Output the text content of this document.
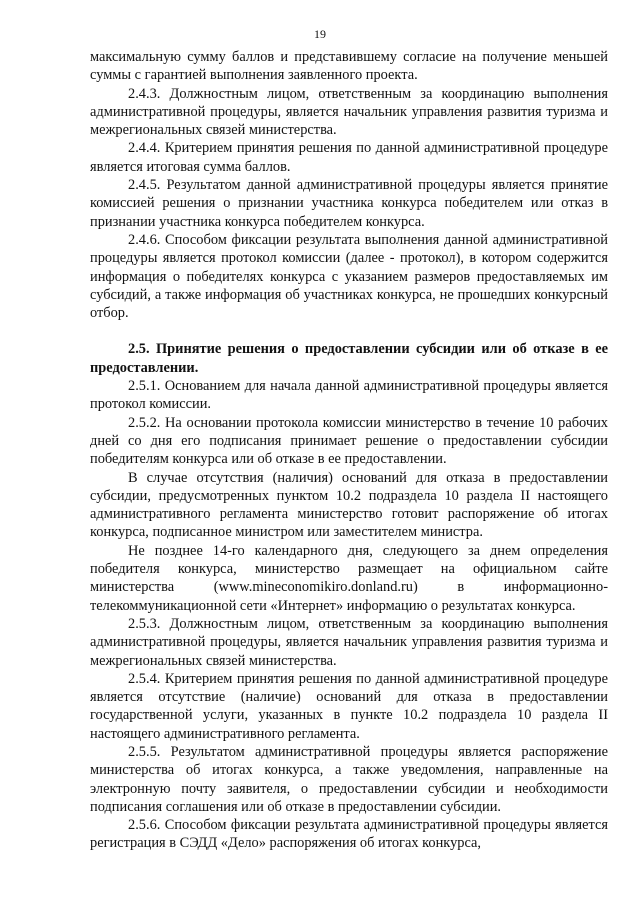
19

максимальную сумму баллов и представившему согласие на получение меньшей суммы с гарантией выполнения заявленного проекта.

2.4.3. Должностным лицом, ответственным за координацию выполнения административной процедуры, является начальник управления развития туризма и межрегиональных связей министерства.

2.4.4. Критерием принятия решения по данной административной процедуре является итоговая сумма баллов.

2.4.5. Результатом данной административной процедуры является принятие комиссией решения о признании участника конкурса победителем или отказ в признании участника конкурса победителем конкурса.

2.4.6. Способом фиксации результата выполнения данной административной процедуры является протокол комиссии (далее - протокол), в котором содержится информация о победителях конкурса с указанием размеров предоставляемых им субсидий, а также информация об участниках конкурса, не прошедших конкурсный отбор.

2.5. Принятие решения о предоставлении субсидии или об отказе в ее предоставлении.

2.5.1. Основанием для начала данной административной процедуры является протокол комиссии.

2.5.2. На основании протокола комиссии министерство в течение 10 рабочих дней со дня его подписания принимает решение о предоставлении субсидии победителям конкурса или об отказе в ее предоставлении.

В случае отсутствия (наличия) оснований для отказа в предоставлении субсидии, предусмотренных пунктом 10.2 подраздела 10 раздела II настоящего административного регламента министерство готовит распоряжение об итогах конкурса, подписанное министром или заместителем министра.

Не позднее 14-го календарного дня, следующего за днем определения победителя конкурса, министерство размещает на официальном сайте министерства (www.mineconomikiro.donland.ru) в информационно-телекоммуникационной сети «Интернет» информацию о результатах конкурса.

2.5.3. Должностным лицом, ответственным за координацию выполнения административной процедуры, является начальник управления развития туризма и межрегиональных связей министерства.

2.5.4. Критерием принятия решения по данной административной процедуре является отсутствие (наличие) оснований для отказа в предоставлении государственной услуги, указанных в пункте 10.2 подраздела 10 раздела II настоящего административного регламента.

2.5.5. Результатом административной процедуры является распоряжение министерства об итогах конкурса, а также уведомления, направленные на электронную почту заявителя, о предоставлении субсидии и необходимости подписания соглашения или об отказе в предоставлении субсидии.

2.5.6. Способом фиксации результата административной процедуры является регистрация в СЭДД «Дело» распоряжения об итогах конкурса,
